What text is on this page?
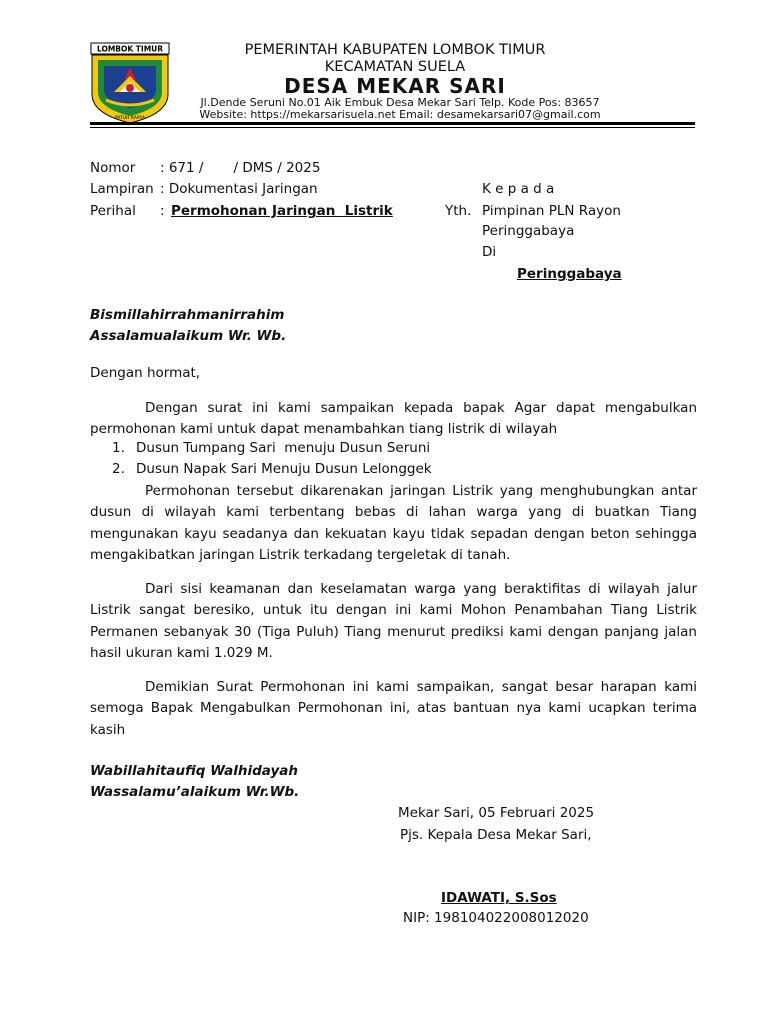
LOMBOK TIMUR
PATUH KARYA
PEMERINTAH KABUPATEN LOMBOK TIMUR
KECAMATAN SUELA
DESA MEKAR SARI
Jl.Dende Seruni No.01 Aik Embuk Desa Mekar Sari Telp. Kode Pos: 83657
Website: https://mekarsarisuela.net Email: desamekarsari07@gmail.com
Nomor : 671 /       / DMS / 2025
Lampiran : Dokumentasi Jaringan
Perihal : Permohonan Jaringan  Listrik
K e p a d a
Yth. Pimpinan PLN Rayon
Peringgabaya
Di
Peringgabaya
Bismillahirrahmanirrahim
Assalamualaikum Wr. Wb.
Dengan hormat,
Dengan surat ini kami sampaikan kepada bapak Agar dapat mengabulkan permohonan kami untuk dapat menambahkan tiang listrik di wilayah
1. Dusun Tumpang Sari  menuju Dusun Seruni
2. Dusun Napak Sari Menuju Dusun Lelonggek
Permohonan tersebut dikarenakan jaringan Listrik yang menghubungkan antar dusun di wilayah kami terbentang bebas di lahan warga yang di buatkan Tiang mengunakan kayu seadanya dan kekuatan kayu tidak sepadan dengan beton sehingga mengakibatkan jaringan Listrik terkadang tergeletak di tanah.
Dari sisi keamanan dan keselamatan warga yang beraktifitas di wilayah jalur Listrik sangat beresiko, untuk itu dengan ini kami Mohon Penambahan Tiang Listrik Permanen sebanyak 30 (Tiga Puluh) Tiang menurut prediksi kami dengan panjang jalan hasil ukuran kami 1.029 M.
Demikian Surat Permohonan ini kami sampaikan, sangat besar harapan kami semoga Bapak Mengabulkan Permohonan ini, atas bantuan nya kami ucapkan terima kasih
Wabillahitaufiq Walhidayah
Wassalamu’alaikum Wr.Wb.
Mekar Sari, 05 Februari 2025
Pjs. Kepala Desa Mekar Sari,
IDAWATI, S.Sos
NIP: 198104022008012020
